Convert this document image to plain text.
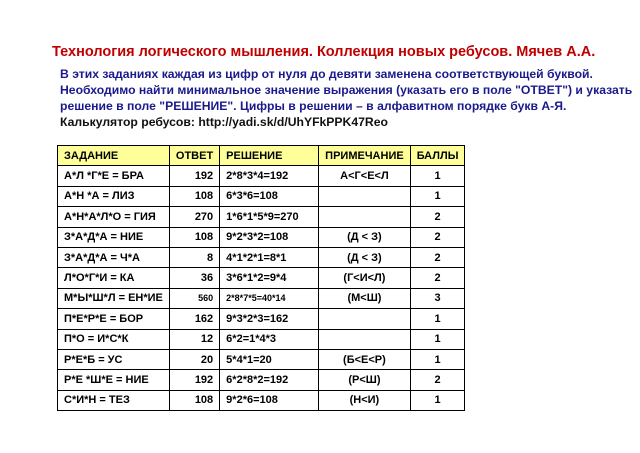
Технология логического мышления. Коллекция новых ребусов. Мячев А.А.
В этих заданиях каждая из цифр от нуля до девяти заменена соответствующей буквой.
Необходимо найти минимальное значение выражения (указать его в поле "ОТВЕТ") и указать
решение в поле "РЕШЕНИЕ". Цифры в решении – в алфавитном порядке букв А-Я.
Калькулятор ребусов: http://yadi.sk/d/UhYFkPPK47Reo
ЗАДАНИЕ	ОТВЕТ	РЕШЕНИЕ	ПРИМЕЧАНИЕ	БАЛЛЫ
А*Л *Г*Е = БРА	192	2*8*3*4=192	А<Г<Е<Л	1
А*Н *А = ЛИЗ	108	6*3*6=108		1
А*Н*А*Л*О = ГИЯ	270	1*6*1*5*9=270		2
З*А*Д*А = НИЕ	108	9*2*3*2=108	(Д < З)	2
З*А*Д*А = Ч*А	8	4*1*2*1=8*1	(Д < З)	2
Л*О*Г*И = КА	36	3*6*1*2=9*4	(Г<И<Л)	2
М*Ы*Ш*Л = ЕН*ИЕ	560	2*8*7*5=40*14	(М<Ш)	3
П*Е*Р*Е = БОР	162	9*3*2*3=162		1
П*О = И*С*К	12	6*2=1*4*3		1
Р*Е*Б = УС	20	5*4*1=20	(Б<Е<Р)	1
Р*Е *Ш*Е = НИЕ	192	6*2*8*2=192	(Р<Ш)	2
С*И*Н = ТЕЗ	108	9*2*6=108	(Н<И)	1
